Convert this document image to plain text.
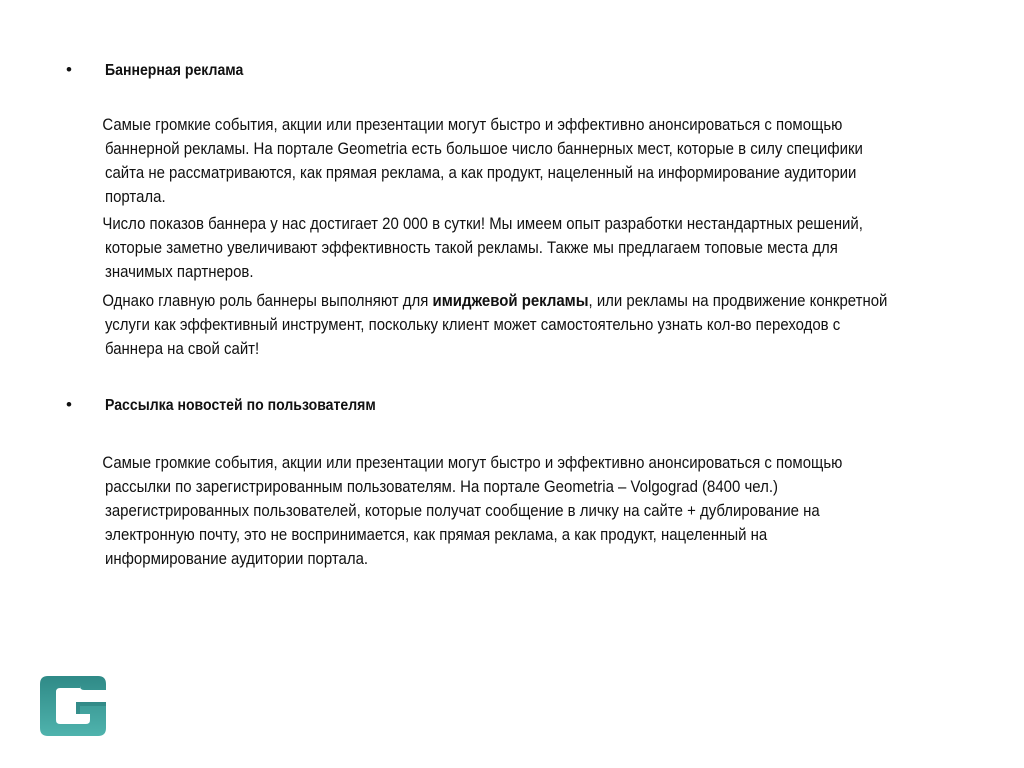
• Баннерная реклама
Самые громкие события, акции или презентации могут быстро и эффективно анонсироваться с помощью
баннерной рекламы. На портале Geometria есть большое число баннерных мест, которые в силу специфики
сайта не рассматриваются, как прямая реклама, а как продукт, нацеленный на информирование аудитории
портала.
Число показов баннера у нас достигает 20 000 в сутки! Мы имеем опыт разработки нестандартных решений,
которые заметно увеличивают эффективность такой рекламы. Также мы предлагаем топовые места для
значимых партнеров.
Однако главную роль баннеры выполняют для имиджевой рекламы, или рекламы на продвижение конкретной
услуги как эффективный инструмент, поскольку клиент может самостоятельно узнать кол-во переходов с
баннера на свой сайт!
• Рассылка новостей по пользователям
Самые громкие события, акции или презентации могут быстро и эффективно анонсироваться с помощью
рассылки по зарегистрированным пользователям. На портале Geometria – Volgograd (8400 чел.)
зарегистрированных пользователей, которые получат сообщение в личку на сайте + дублирование на
электронную почту, это не воспринимается, как прямая реклама, а как продукт, нацеленный на
информирование аудитории портала.
